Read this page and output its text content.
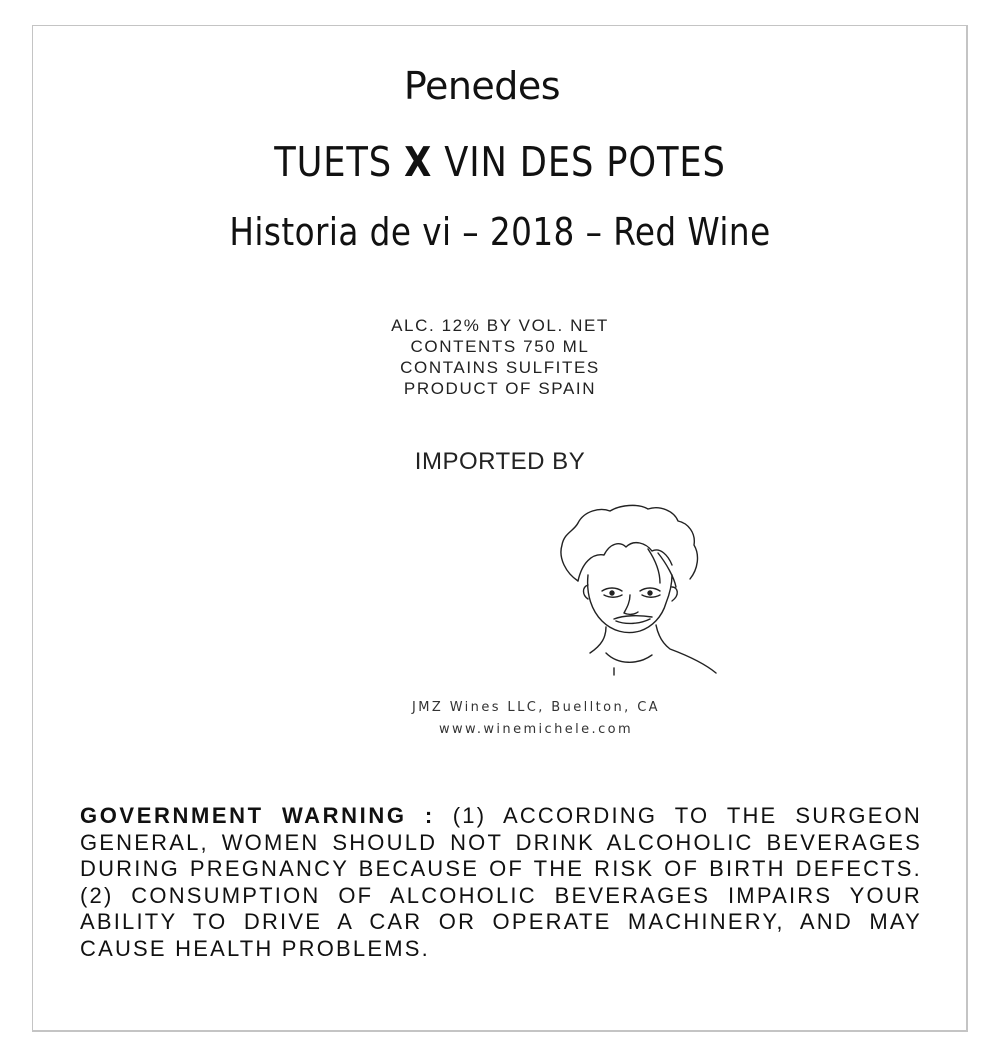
Penedes
TUETS X VIN DES POTES
Historia de vi – 2018 – Red Wine
ALC. 12% BY VOL. NET
CONTENTS 750 ML
CONTAINS SULFITES
PRODUCT OF SPAIN
IMPORTED BY
JMZ Wines LLC, Buellton, CA
www.winemichele.com
GOVERNMENT WARNING : (1) ACCORDING TO THE SURGEON GENERAL, WOMEN SHOULD NOT DRINK ALCOHOLIC BEVERAGES DURING PREGNANCY BECAUSE OF THE RISK OF BIRTH DEFECTS. (2) CONSUMPTION OF ALCOHOLIC BEVERAGES IMPAIRS YOUR ABILITY TO DRIVE A CAR OR OPERATE MACHINERY, AND MAY CAUSE HEALTH PROBLEMS.
